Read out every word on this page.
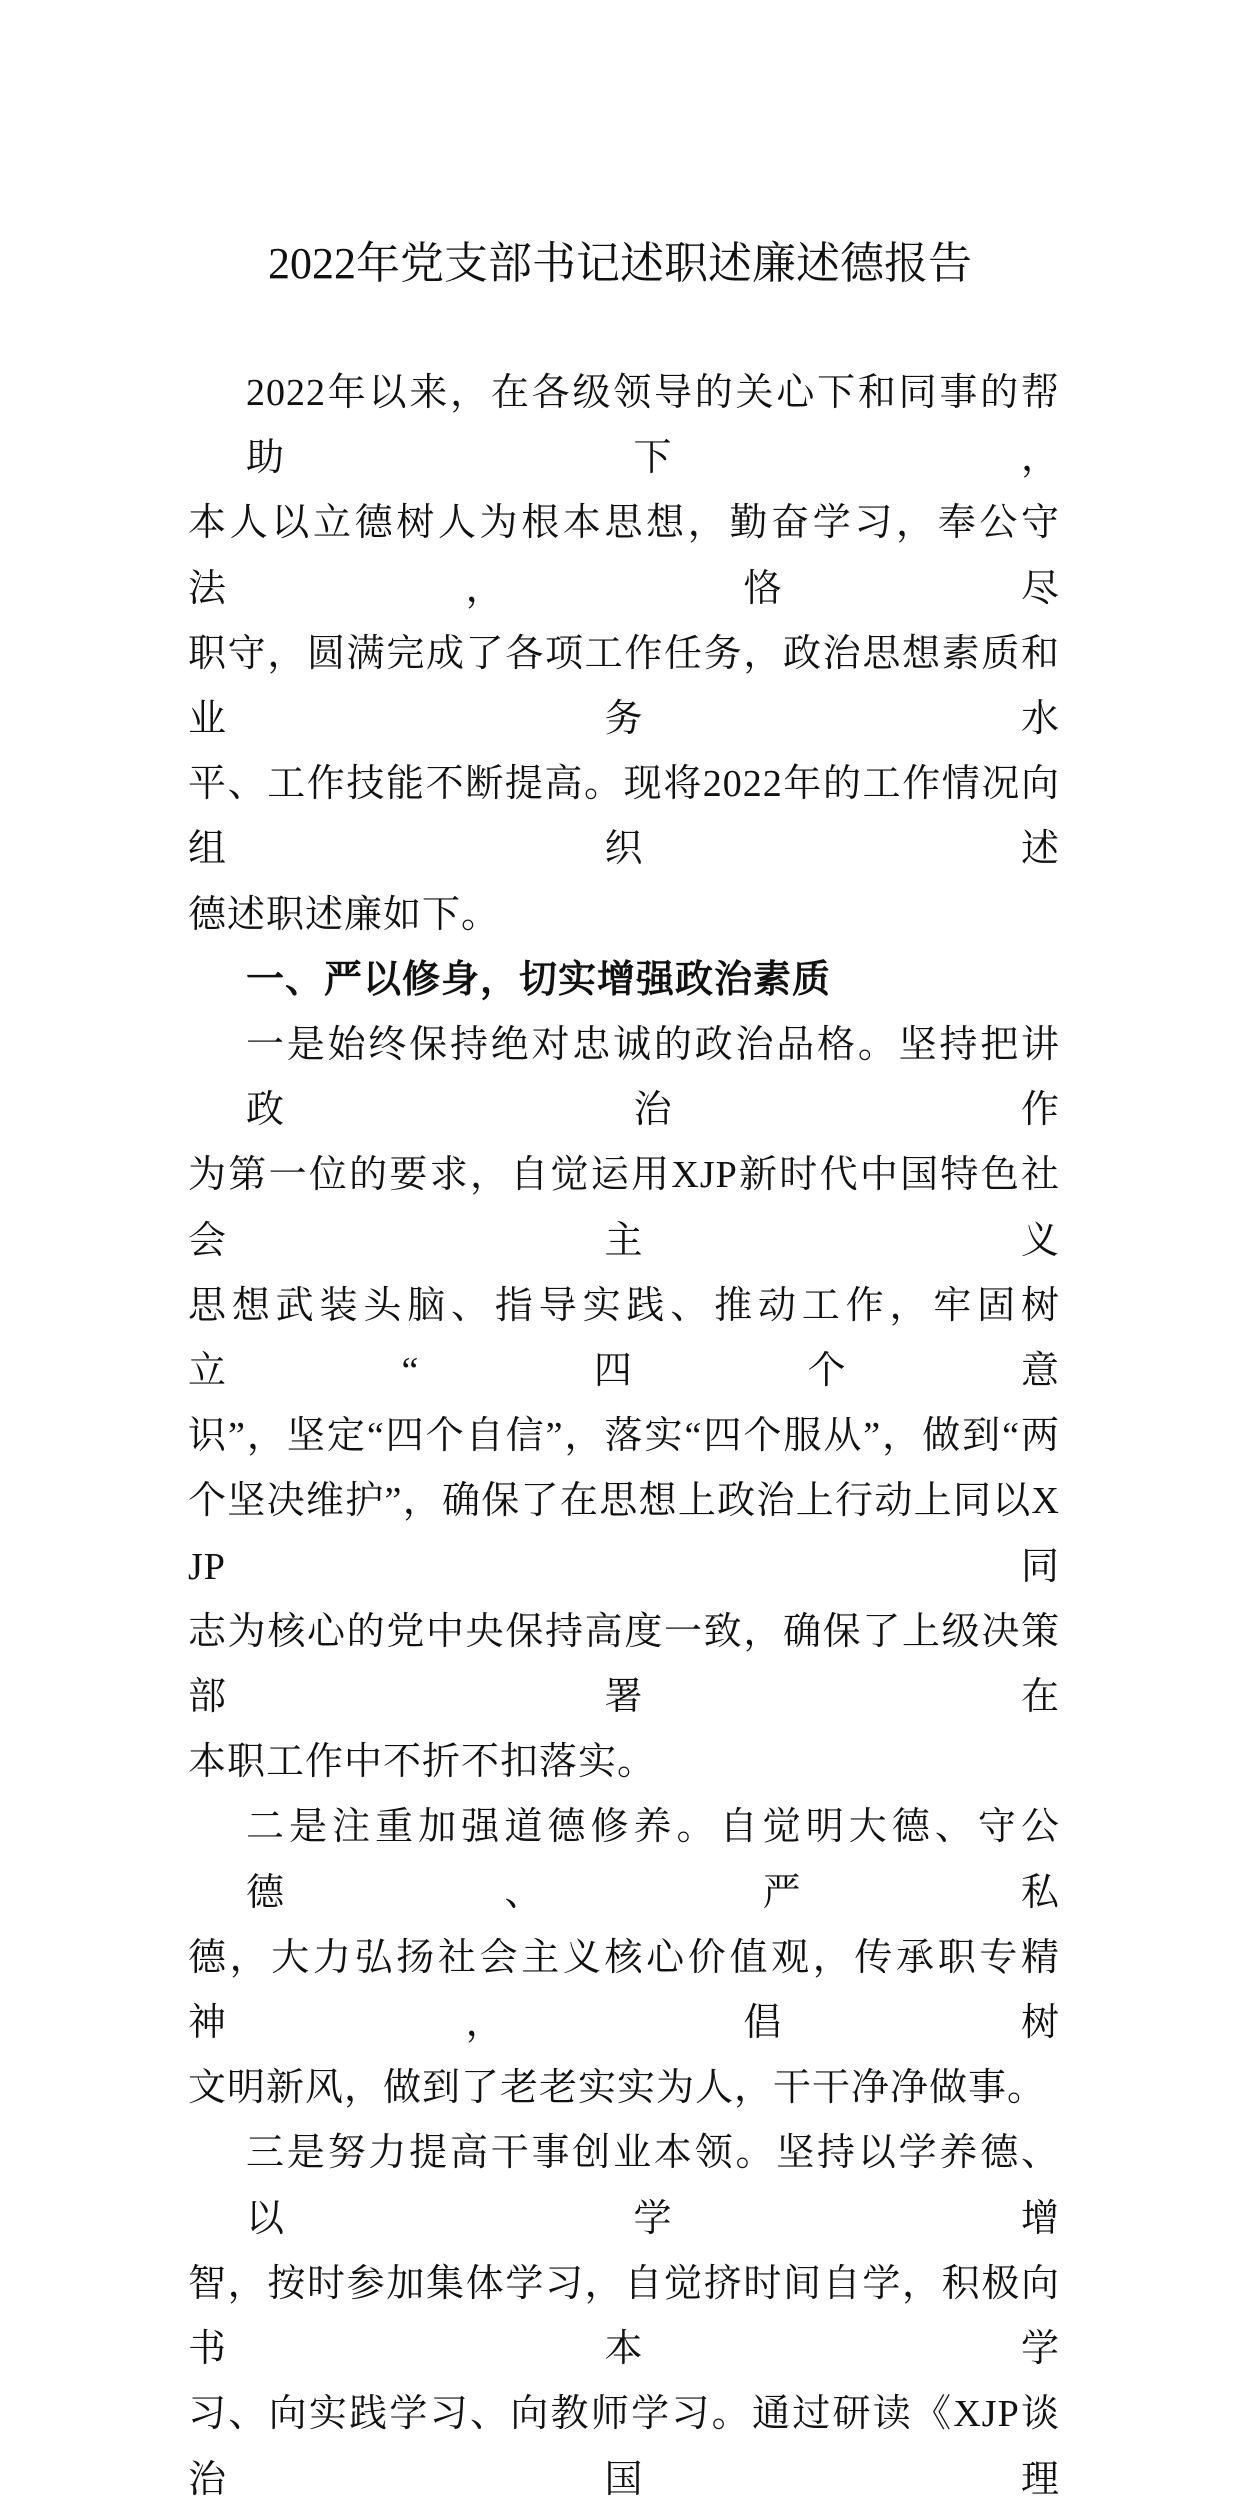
2022年党支部书记述职述廉述德报告
2022年以来，在各级领导的关心下和同事的帮助下，
本人以立德树人为根本思想，勤奋学习，奉公守法，恪尽
职守，圆满完成了各项工作任务，政治思想素质和业务水
平、工作技能不断提高。现将2022年的工作情况向组织述
德述职述廉如下。
一、严以修身，切实增强政治素质
一是始终保持绝对忠诚的政治品格。坚持把讲政治作
为第一位的要求，自觉运用XJP新时代中国特色社会主义
思想武装头脑、指导实践、推动工作，牢固树立“四个意
识”，坚定“四个自信”，落实“四个服从”，做到“两
个坚决维护”，确保了在思想上政治上行动上同以XJP同
志为核心的党中央保持高度一致，确保了上级决策部署在
本职工作中不折不扣落实。
二是注重加强道德修养。自觉明大德、守公德、严私
德，大力弘扬社会主义核心价值观，传承职专精神，倡树
文明新风，做到了老老实实为人，干干净净做事。
三是努力提高干事创业本领。坚持以学养德、以学增
智，按时参加集体学习，自觉挤时间自学，积极向书本学
习、向实践学习、向教师学习。通过研读《XJP谈治国理
